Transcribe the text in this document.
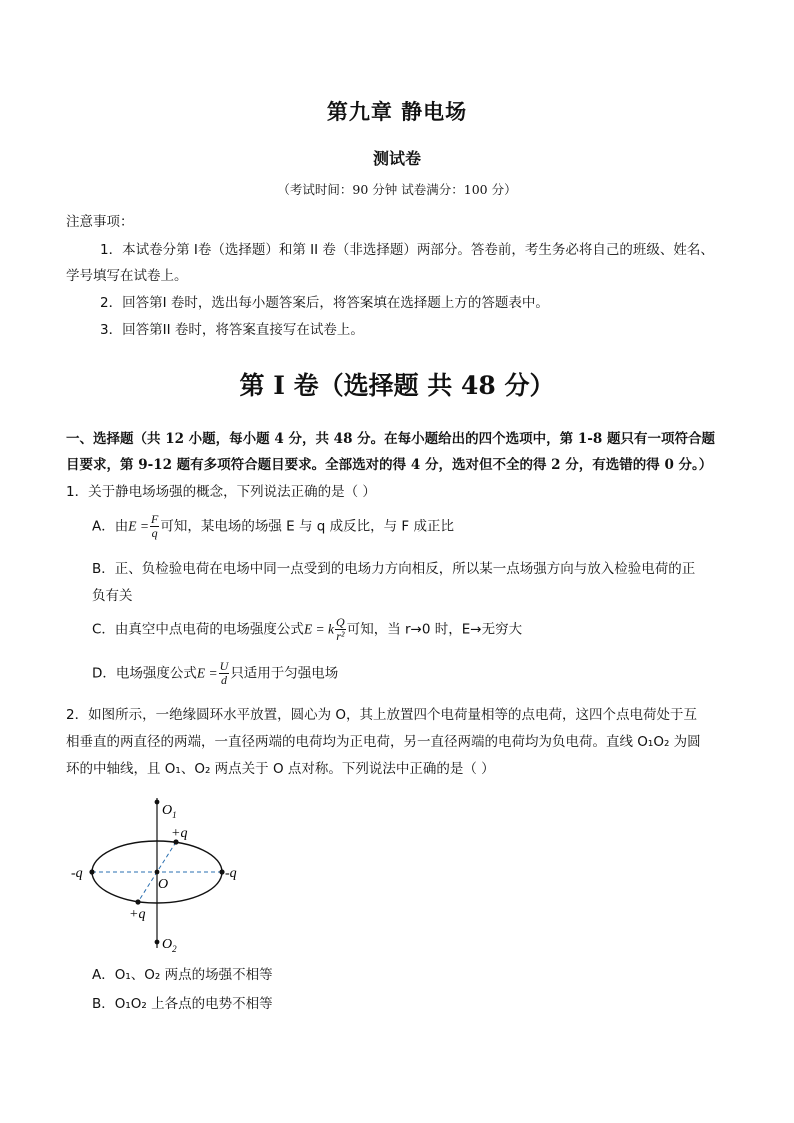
第九章 静电场
测试卷
（考试时间：90 分钟 试卷满分：100 分）
注意事项：
1．本试卷分第 I卷（选择题）和第 II 卷（非选择题）两部分。答卷前，考生务必将自己的班级、姓名、
学号填写在试卷上。
2．回答第I 卷时，选出每小题答案后，将答案填在选择题上方的答题表中。
3．回答第II 卷时，将答案直接写在试卷上。
第 I 卷（选择题 共 48 分）
一、选择题（共 12 小题，每小题 4 分，共 48 分。在每小题给出的四个选项中，第 1-8 题只有一项符合题
目要求，第 9-12 题有多项符合题目要求。全部选对的得 4 分，选对但不全的得 2 分，有选错的得 0 分。）
1．关于静电场场强的概念，下列说法正确的是（ ）
A．由$E = \frac{F}{q}$ 可知，某电场的场强 E 与 q 成反比，与 F 成正比
B．正、负检验电荷在电场中同一点受到的电场力方向相反，所以某一点场强方向与放入检验电荷的正
负有关
C．由真空中点电荷的电场强度公式E = k $\frac{Q}{\text{r²}}$ 可知，当 r→0 时，E→无穷大
D．电场强度公式$E = \frac{U}{d}$ 只适用于匀强电场
2．如图所示，一绝缘圆环水平放置，圆心为 O，其上放置四个电荷量相等的点电荷，这四个点电荷处于互
相垂直的两直径的两端，一直径两端的电荷均为正电荷，另一直径两端的电荷均为负电荷。直线 O₁O₂ 为圆
环的中轴线，且 O₁、O₂ 两点关于 O 点对称。下列说法中正确的是（ ）
$O_1$
$O_2$
O
+q
+q
-q	-q
A．O₁、O₂ 两点的场强不相等
B．O₁O₂ 上各点的电势不相等
